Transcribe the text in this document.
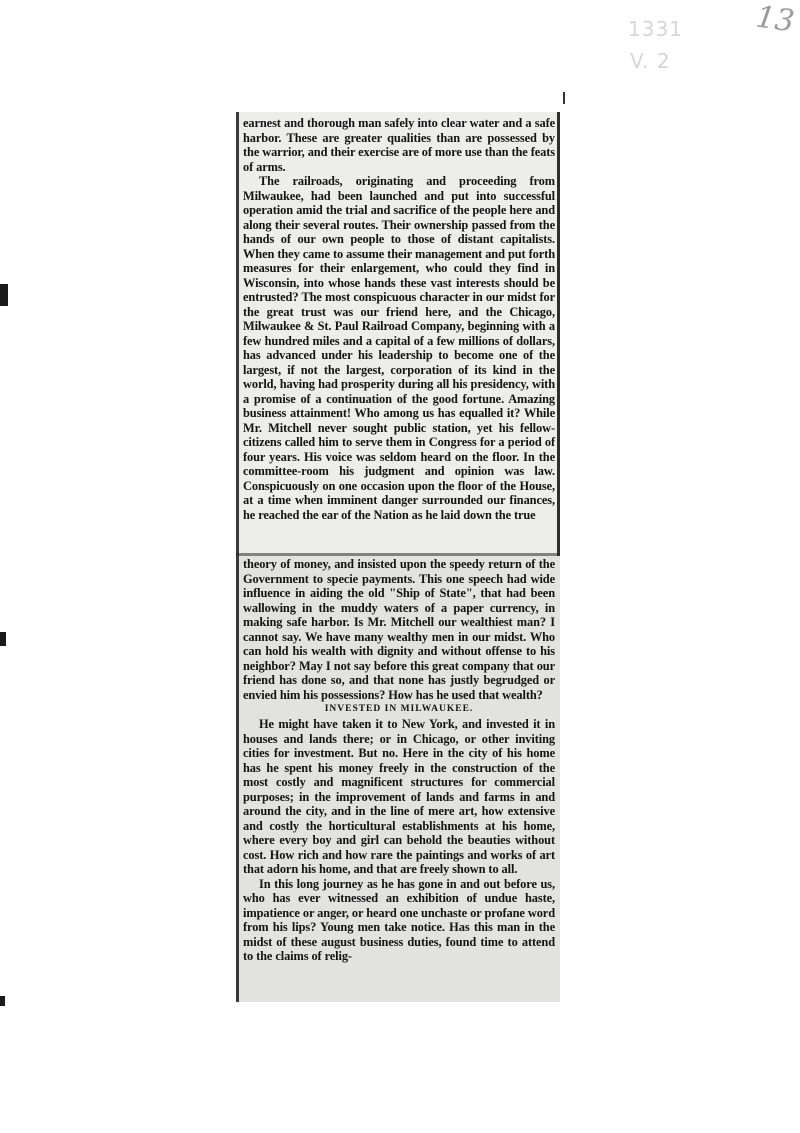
13
1331
V. 2

earnest and thorough man safely into clear water and a safe harbor. These are greater qualities than are possessed by the warrior, and their exercise are of more use than the feats of arms.

The railroads, originating and proceeding from Milwaukee, had been launched and put into successful operation amid the trial and sacrifice of the people here and along their several routes. Their ownership passed from the hands of our own people to those of distant capitalists. When they came to assume their management and put forth measures for their enlargement, who could they find in Wisconsin, into whose hands these vast interests should be entrusted? The most conspicuous character in our midst for the great trust was our friend here, and the Chicago, Milwaukee & St. Paul Railroad Company, beginning with a few hundred miles and a capital of a few millions of dollars, has advanced under his leadership to become one of the largest, if not the largest, corporation of its kind in the world, having had prosperity during all his presidency, with a promise of a continuation of the good fortune. Amazing business attainment! Who among us has equalled it? While Mr. Mitchell never sought public station, yet his fellow-citizens called him to serve them in Congress for a period of four years. His voice was seldom heard on the floor. In the committee-room his judgment and opinion was law. Conspicuously on one occasion upon the floor of the House, at a time when imminent danger surrounded our finances, he reached the ear of the Nation as he laid down the true

theory of money, and insisted upon the speedy return of the Government to specie payments. This one speech had wide influence in aiding the old "Ship of State", that had been wallowing in the muddy waters of a paper currency, in making safe harbor. Is Mr. Mitchell our wealthiest man? I cannot say. We have many wealthy men in our midst. Who can hold his wealth with dignity and without offense to his neighbor? May I not say before this great company that our friend has done so, and that none has justly begrudged or envied him his possessions? How has he used that wealth?

INVESTED IN MILWAUKEE.

He might have taken it to New York, and invested it in houses and lands there; or in Chicago, or other inviting cities for investment. But no. Here in the city of his home has he spent his money freely in the construction of the most costly and magnificent structures for commercial purposes; in the improvement of lands and farms in and around the city, and in the line of mere art, how extensive and costly the horticultural establishments at his home, where every boy and girl can behold the beauties without cost. How rich and how rare the paintings and works of art that adorn his home, and that are freely shown to all.

In this long journey as he has gone in and out before us, who has ever witnessed an exhibition of undue haste, impatience or anger, or heard one unchaste or profane word from his lips? Young men take notice. Has this man in the midst of these august business duties, found time to attend to the claims of relig-
